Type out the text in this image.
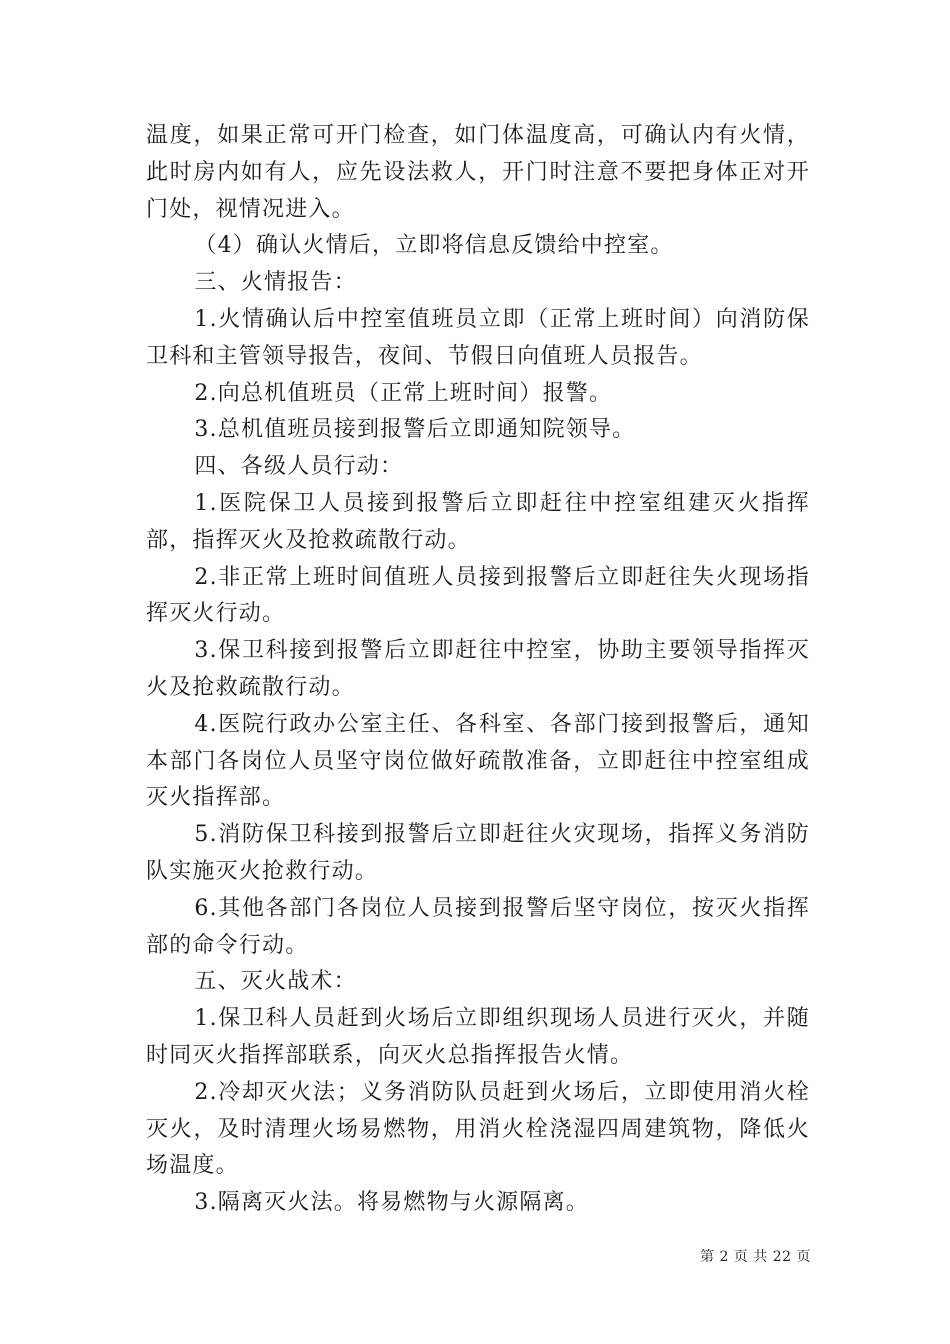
温度，如果正常可开门检查，如门体温度高，可确认内有火情，此时房内如有人，应先设法救人，开门时注意不要把身体正对开门处，视情况进入。

（4）确认火情后，立即将信息反馈给中控室。

三、火情报告：

1.火情确认后中控室值班员立即（正常上班时间）向消防保卫科和主管领导报告，夜间、节假日向值班人员报告。

2.向总机值班员（正常上班时间）报警。

3.总机值班员接到报警后立即通知院领导。

四、各级人员行动：

1.医院保卫人员接到报警后立即赶往中控室组建灭火指挥部，指挥灭火及抢救疏散行动。

2.非正常上班时间值班人员接到报警后立即赶往失火现场指挥灭火行动。

3.保卫科接到报警后立即赶往中控室，协助主要领导指挥灭火及抢救疏散行动。

4.医院行政办公室主任、各科室、各部门接到报警后，通知本部门各岗位人员坚守岗位做好疏散准备，立即赶往中控室组成灭火指挥部。

5.消防保卫科接到报警后立即赶往火灾现场，指挥义务消防队实施灭火抢救行动。

6.其他各部门各岗位人员接到报警后坚守岗位，按灭火指挥部的命令行动。

五、灭火战术：

1.保卫科人员赶到火场后立即组织现场人员进行灭火，并随时同灭火指挥部联系，向灭火总指挥报告火情。

2.冷却灭火法；义务消防队员赶到火场后，立即使用消火栓灭火，及时清理火场易燃物，用消火栓浇湿四周建筑物，降低火场温度。

3.隔离灭火法。将易燃物与火源隔离。

第 2 页 共 22 页
